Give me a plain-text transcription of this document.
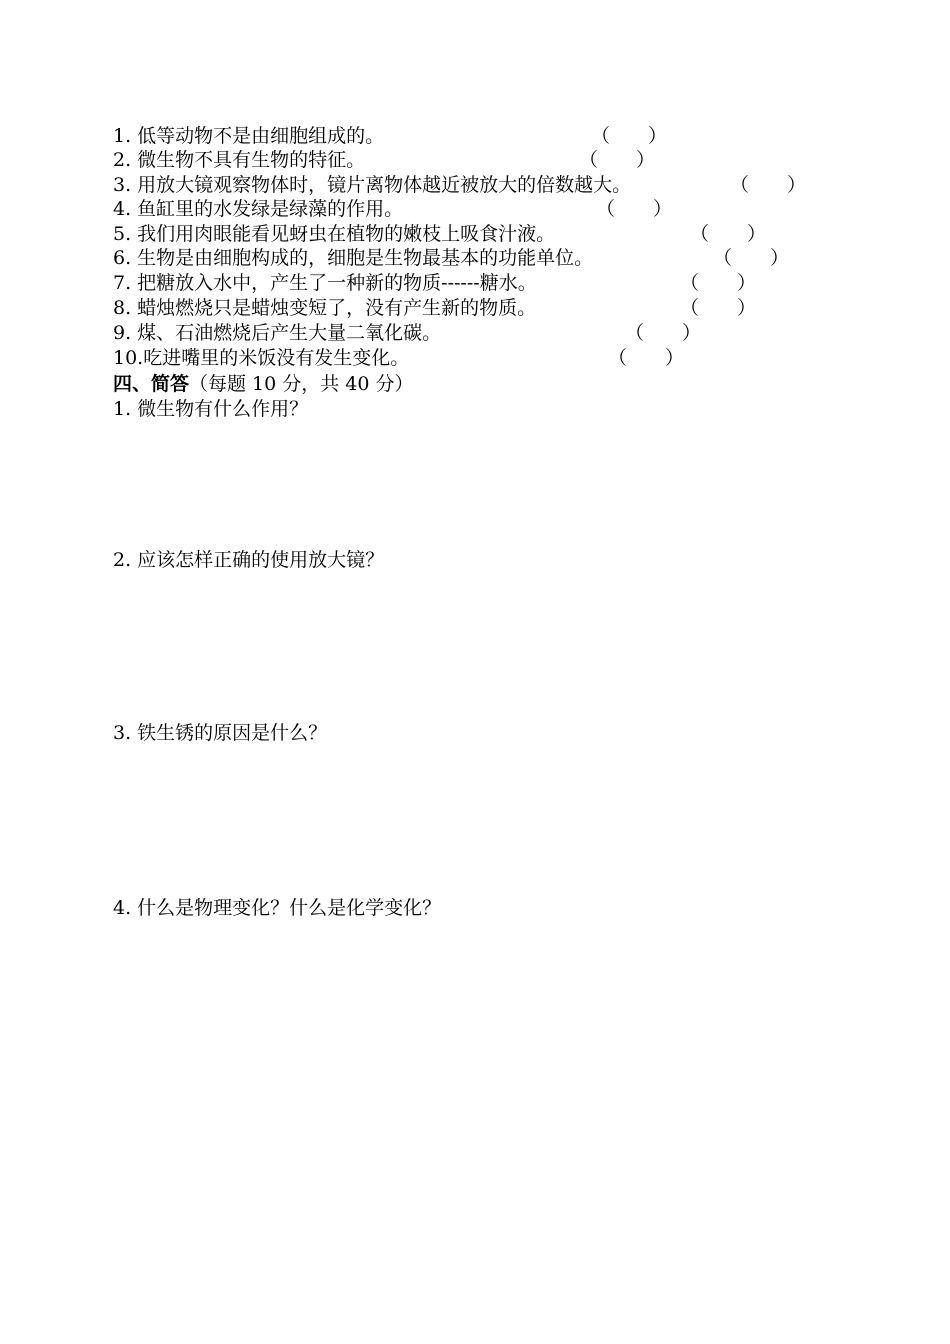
1. 低等动物不是由细胞组成的。	（　　）
2. 微生物不具有生物的特征。	（　　）
3. 用放大镜观察物体时，镜片离物体越近被放大的倍数越大。	（　　）
4. 鱼缸里的水发绿是绿藻的作用。	（　　）
5. 我们用肉眼能看见蚜虫在植物的嫩枝上吸食汁液。	（　　）
6. 生物是由细胞构成的，细胞是生物最基本的功能单位。	（　　）
7. 把糖放入水中，产生了一种新的物质------糖水。	（　　）
8. 蜡烛燃烧只是蜡烛变短了，没有产生新的物质。	（　　）
9. 煤、石油燃烧后产生大量二氧化碳。	（　　）
10.吃进嘴里的米饭没有发生变化。	（　　）
四、简答（每题 10 分，共 40 分）
1. 微生物有什么作用？
2. 应该怎样正确的使用放大镜？
3. 铁生锈的原因是什么？
4. 什么是物理变化？什么是化学变化？
